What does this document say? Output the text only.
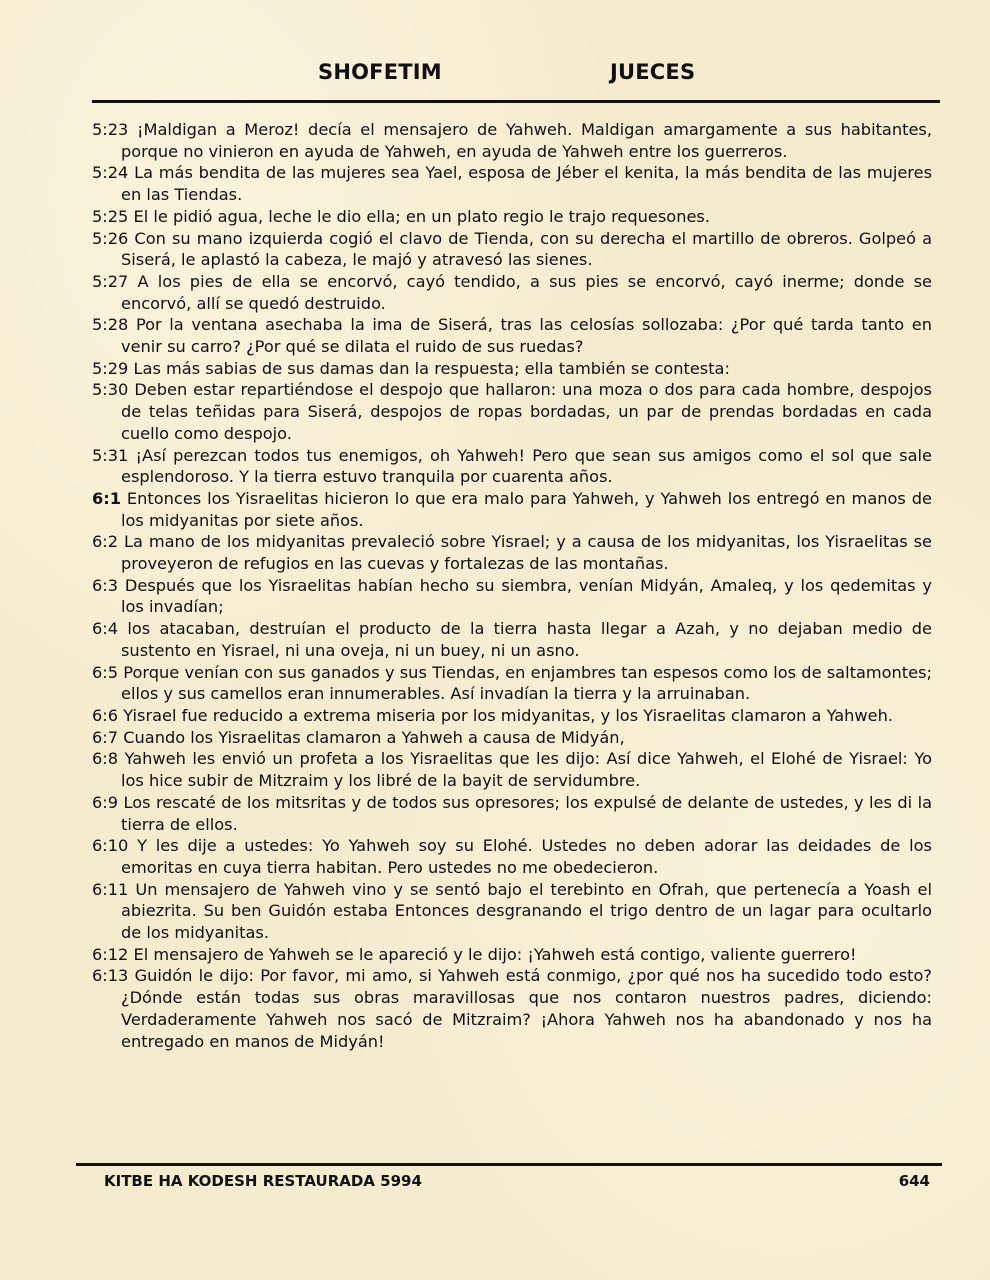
SHOFETIM	JUECES

5:23 ¡Maldigan a Meroz! decía el mensajero de Yahweh. Maldigan amargamente a sus habitantes, porque no vinieron en ayuda de Yahweh, en ayuda de Yahweh entre los guerreros.

5:24 La más bendita de las mujeres sea Yael, esposa de Jéber el kenita, la más bendita de las mujeres en las Tiendas.

5:25 El le pidió agua, leche le dio ella; en un plato regio le trajo requesones.

5:26 Con su mano izquierda cogió el clavo de Tienda, con su derecha el martillo de obreros. Golpeó a Siserá, le aplastó la cabeza, le majó y atravesó las sienes.

5:27 A los pies de ella se encorvó, cayó tendido, a sus pies se encorvó, cayó inerme; donde se encorvó, allí se quedó destruido.

5:28 Por la ventana asechaba la ima de Siserá, tras las celosías sollozaba: ¿Por qué tarda tanto en venir su carro? ¿Por qué se dilata el ruido de sus ruedas?

5:29 Las más sabias de sus damas dan la respuesta; ella también se contesta:

5:30 Deben estar repartiéndose el despojo que hallaron: una moza o dos para cada hombre, despojos de telas teñidas para Siserá, despojos de ropas bordadas, un par de prendas bordadas en cada cuello como despojo.

5:31 ¡Así perezcan todos tus enemigos, oh Yahweh! Pero que sean sus amigos como el sol que sale esplendoroso. Y la tierra estuvo tranquila por cuarenta años.

6:1 Entonces los Yisraelitas hicieron lo que era malo para Yahweh, y Yahweh los entregó en manos de los midyanitas por siete años.

6:2 La mano de los midyanitas prevaleció sobre Yisrael; y a causa de los midyanitas, los Yisraelitas se proveyeron de refugios en las cuevas y fortalezas de las montañas.

6:3 Después que los Yisraelitas habían hecho su siembra, venían Midyán, Amaleq, y los qedemitas y los invadían;

6:4 los atacaban, destruían el producto de la tierra hasta llegar a Azah, y no dejaban medio de sustento en Yisrael, ni una oveja, ni un buey, ni un asno.

6:5 Porque venían con sus ganados y sus Tiendas, en enjambres tan espesos como los de saltamontes; ellos y sus camellos eran innumerables. Así invadían la tierra y la arruinaban.

6:6 Yisrael fue reducido a extrema miseria por los midyanitas, y los Yisraelitas clamaron a Yahweh.

6:7 Cuando los Yisraelitas clamaron a Yahweh a causa de Midyán,

6:8 Yahweh les envió un profeta a los Yisraelitas que les dijo: Así dice Yahweh, el Elohé de Yisrael: Yo los hice subir de Mitzraim y los libré de la bayit de servidumbre.

6:9 Los rescaté de los mitsritas y de todos sus opresores; los expulsé de delante de ustedes, y les di la tierra de ellos.

6:10 Y les dije a ustedes: Yo Yahweh soy su Elohé. Ustedes no deben adorar las deidades de los emoritas en cuya tierra habitan. Pero ustedes no me obedecieron.

6:11 Un mensajero de Yahweh vino y se sentó bajo el terebinto en Ofrah, que pertenecía a Yoash el abiezrita. Su ben Guidón estaba Entonces desgranando el trigo dentro de un lagar para ocultarlo de los midyanitas.

6:12 El mensajero de Yahweh se le apareció y le dijo: ¡Yahweh está contigo, valiente guerrero!

6:13 Guidón le dijo: Por favor, mi amo, si Yahweh está conmigo, ¿por qué nos ha sucedido todo esto? ¿Dónde están todas sus obras maravillosas que nos contaron nuestros padres, diciendo: Verdaderamente Yahweh nos sacó de Mitzraim? ¡Ahora Yahweh nos ha abandonado y nos ha entregado en manos de Midyán!

KITBE HA KODESH RESTAURADA 5994	644
